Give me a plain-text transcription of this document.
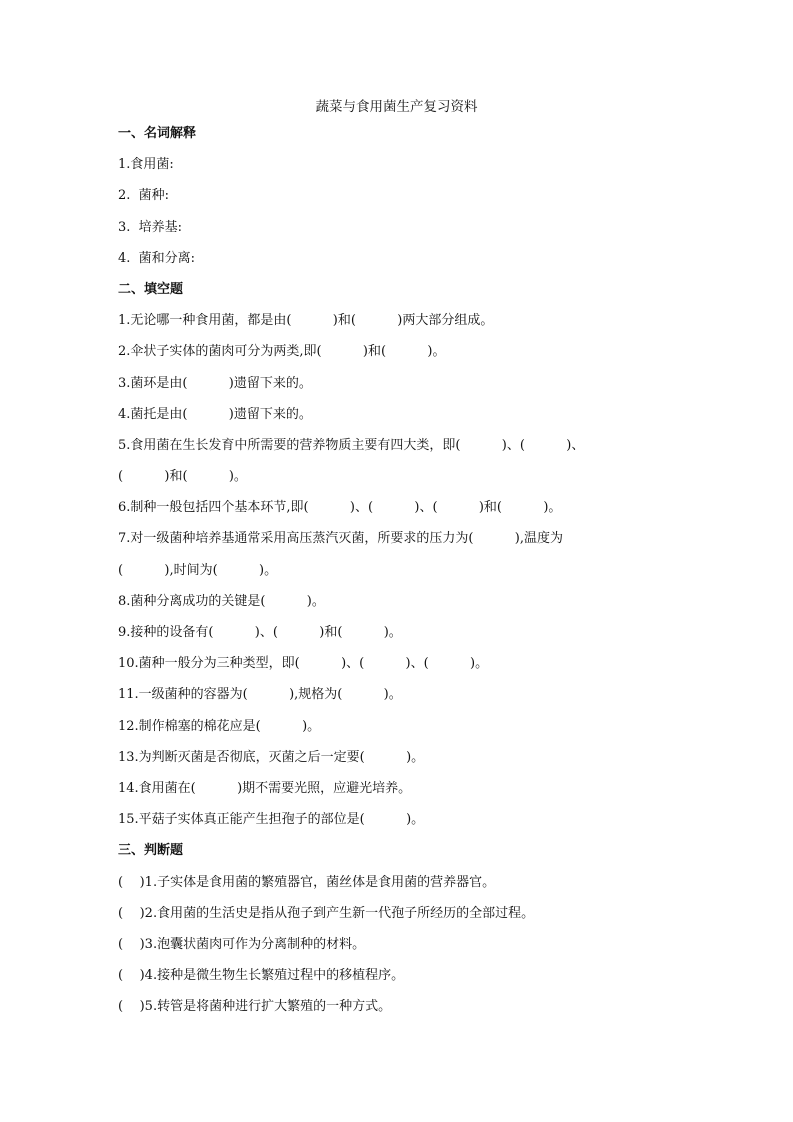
蔬菜与食用菌生产复习资料
一、名词解释
1.食用菌:
2.  菌种:
3.  培养基:
4.  菌和分离:
二、填空题
1.无论哪一种食用菌，都是由(          )和(          )两大部分组成。
2.伞状子实体的菌肉可分为两类,即(          )和(          )。
3.菌环是由(          )遗留下来的。
4.菌托是由(          )遗留下来的。
5.食用菌在生长发育中所需要的营养物质主要有四大类，即(          )、(          )、
(          )和(          )。
6.制种一般包括四个基本环节,即(          )、(          )、(          )和(          )。
7.对一级菌种培养基通常采用高压蒸汽灭菌，所要求的压力为(          ),温度为
(          ),时间为(          )。
8.菌种分离成功的关键是(          )。
9.接种的设备有(          )、(          )和(          )。
10.菌种一般分为三种类型，即(          )、(          )、(          )。
11.一级菌种的容器为(          ),规格为(          )。
12.制作棉塞的棉花应是(          )。
13.为判断灭菌是否彻底，灭菌之后一定要(          )。
14.食用菌在(          )期不需要光照，应避光培养。
15.平菇子实体真正能产生担孢子的部位是(          )。
三、判断题
(    )1.子实体是食用菌的繁殖器官，菌丝体是食用菌的营养器官。
(    )2.食用菌的生活史是指从孢子到产生新一代孢子所经历的全部过程。
(    )3.泡囊状菌肉可作为分离制种的材料。
(    )4.接种是微生物生长繁殖过程中的移植程序。
(    )5.转管是将菌种进行扩大繁殖的一种方式。
